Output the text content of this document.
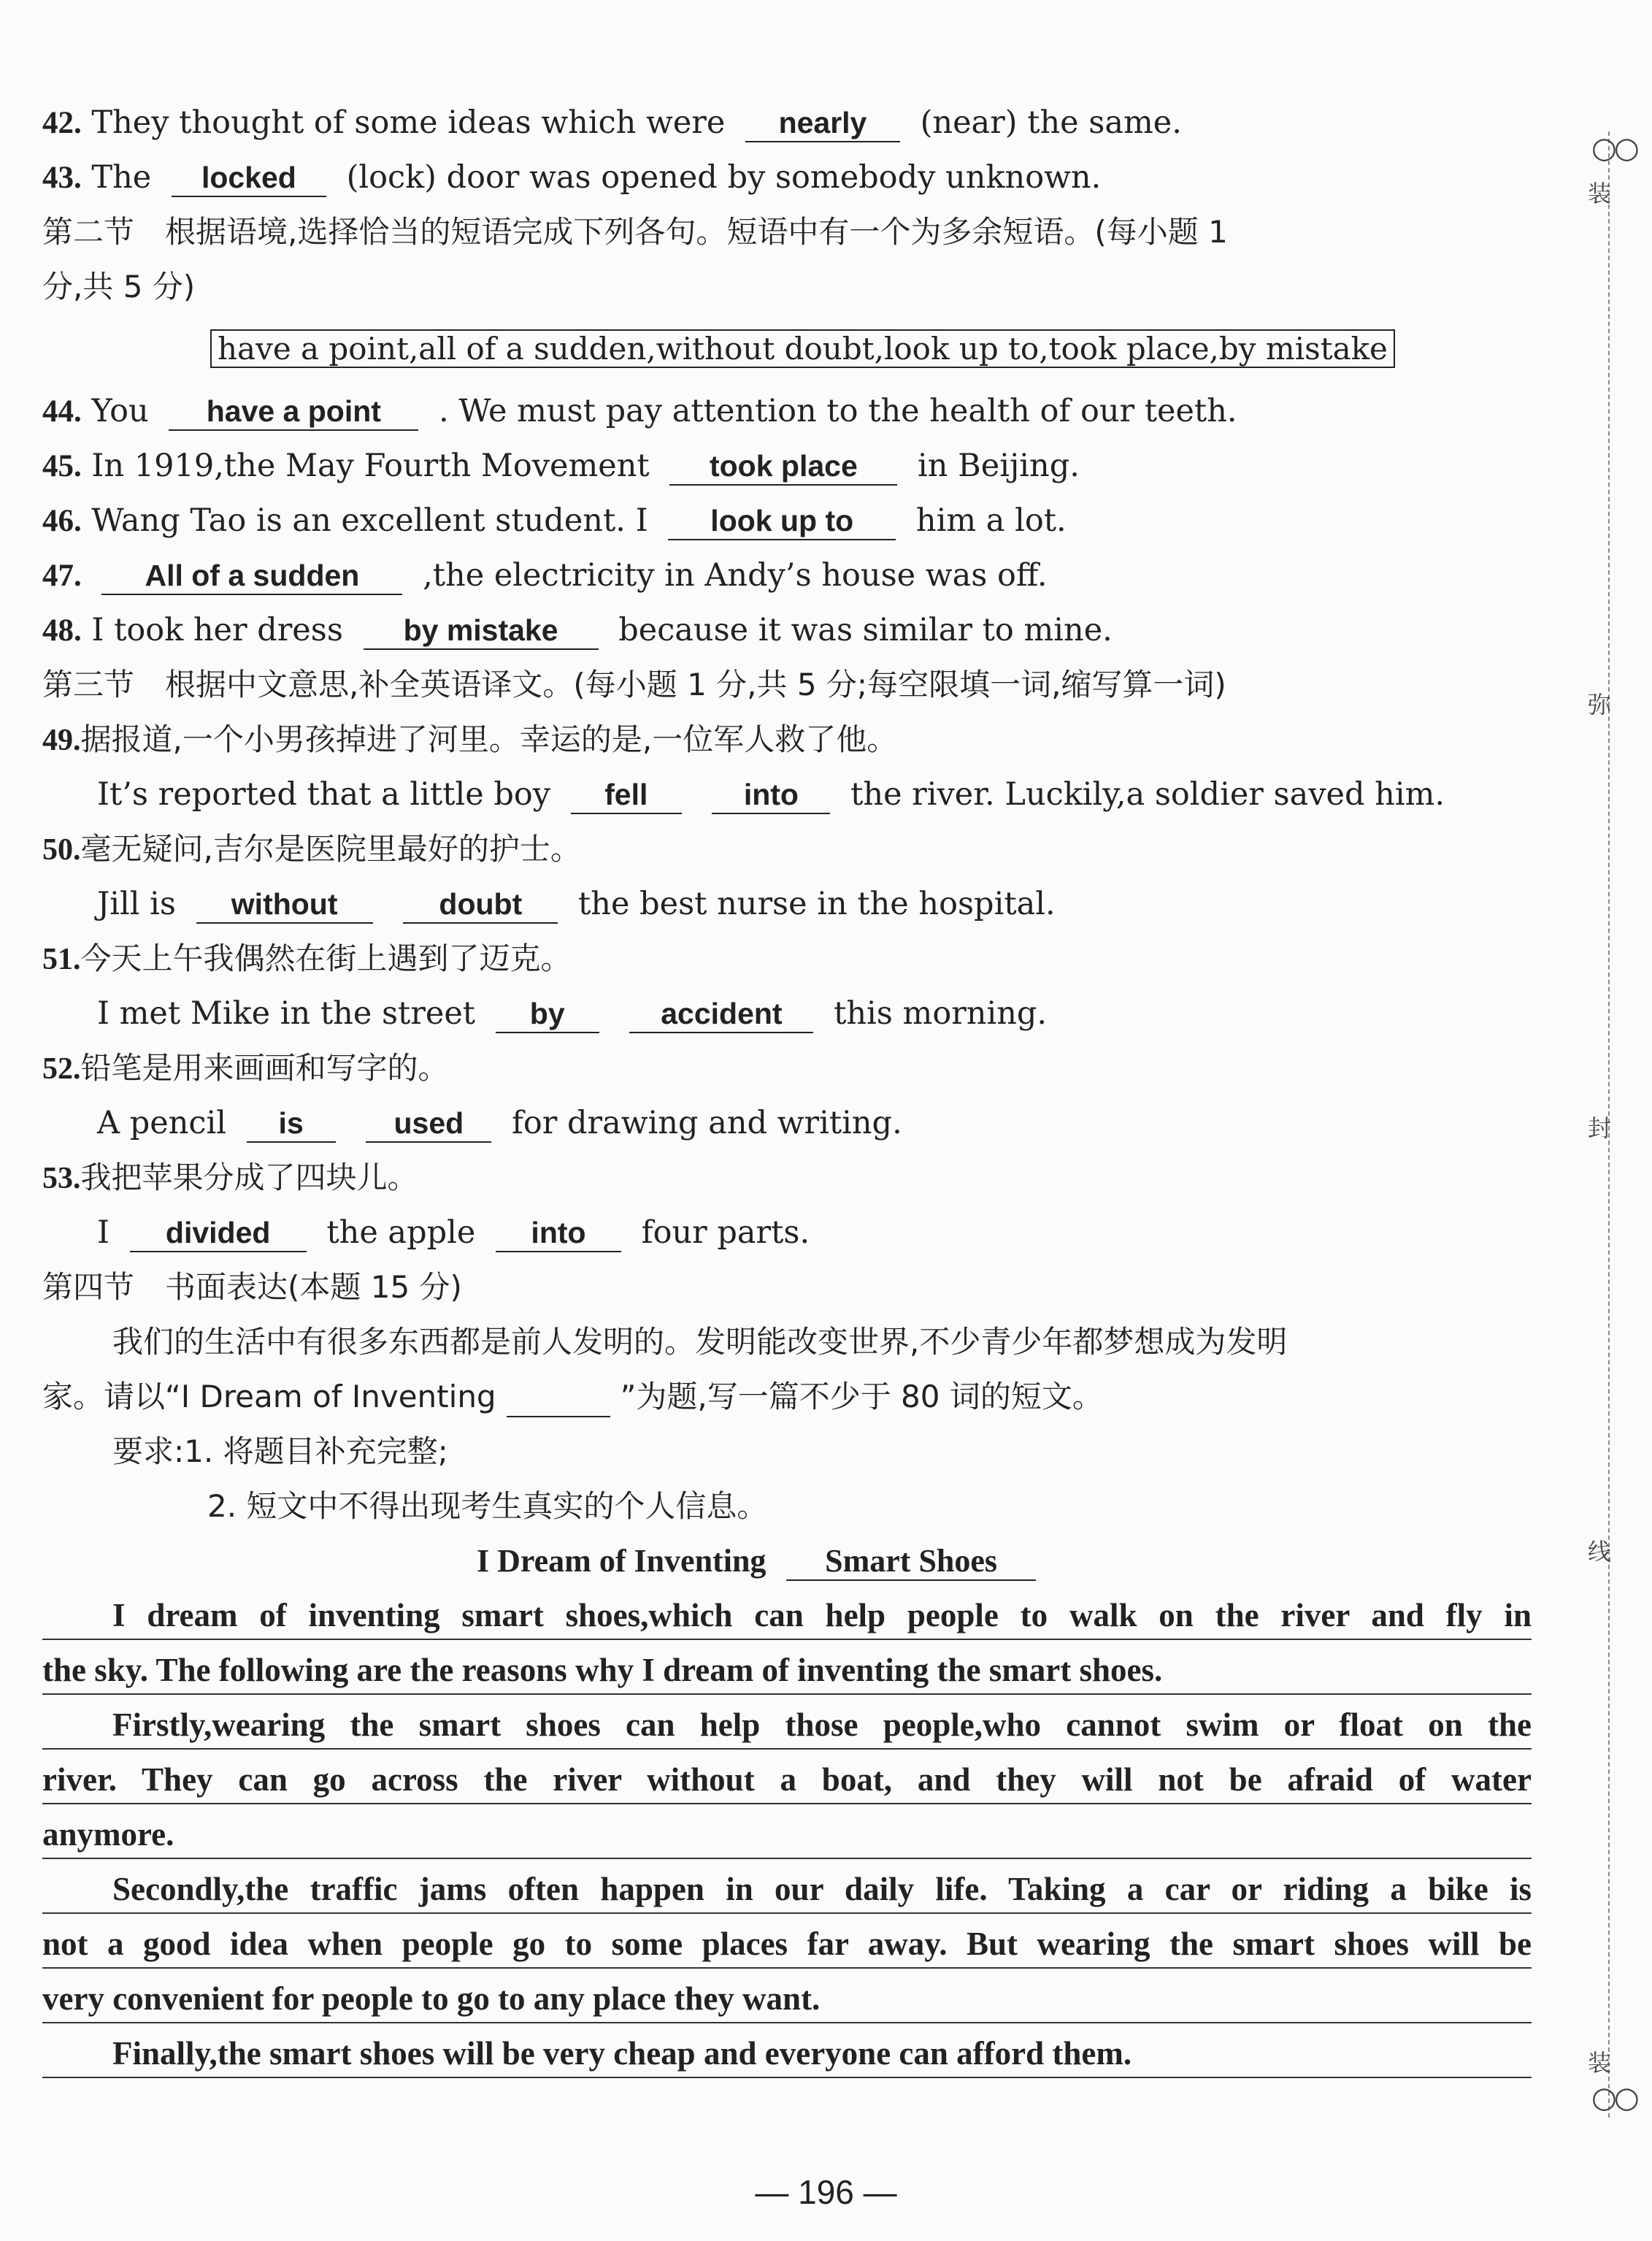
42. They thought of some ideas which were nearly (near) the same.
43. The locked (lock) door was opened by somebody unknown.
第二节　根据语境,选择恰当的短语完成下列各句。短语中有一个为多余短语。(每小题 1
分,共 5 分)
have a point,all of a sudden,without doubt,look up to,took place,by mistake
44. You have a point . We must pay attention to the health of our teeth.
45. In 1919,the May Fourth Movement took place in Beijing.
46. Wang Tao is an excellent student. I look up to him a lot.
47. All of a sudden ,the electricity in Andy’s house was off.
48. I took her dress by mistake because it was similar to mine.
第三节　根据中文意思,补全英语译文。(每小题 1 分,共 5 分;每空限填一词,缩写算一词)
49.据报道,一个小男孩掉进了河里。幸运的是,一位军人救了他。
It’s reported that a little boy fell	into the river. Luckily,a soldier saved him.
50.毫无疑问,吉尔是医院里最好的护士。
Jill is without	doubt the best nurse in the hospital.
51.今天上午我偶然在街上遇到了迈克。
I met Mike in the street by	accident this morning.
52.铅笔是用来画画和写字的。
A pencil is	used for drawing and writing.
53.我把苹果分成了四块儿。
I divided the apple into four parts.
第四节　书面表达(本题 15 分)
我们的生活中有很多东西都是前人发明的。发明能改变世界,不少青少年都梦想成为发明
家。请以“I Dream of Inventing	”为题,写一篇不少于 80 词的短文。
要求:1. 将题目补充完整;
2. 短文中不得出现考生真实的个人信息。
I Dream of Inventing Smart Shoes
I dream of inventing smart shoes,which can help people to walk on the river and fly in
the sky. The following are the reasons why I dream of inventing the smart shoes.
Firstly,wearing the smart shoes can help those people,who cannot swim or float on the
river. They can go across the river without a boat, and they will not be afraid of water
anymore.
Secondly,the traffic jams often happen in our daily life. Taking a car or riding a bike is
not a good idea when people go to some places far away. But wearing the smart shoes will be
very convenient for people to go to any place they want.
Finally,the smart shoes will be very cheap and everyone can afford them.
装
弥
封
线
装
○○
○○
— 196 —
